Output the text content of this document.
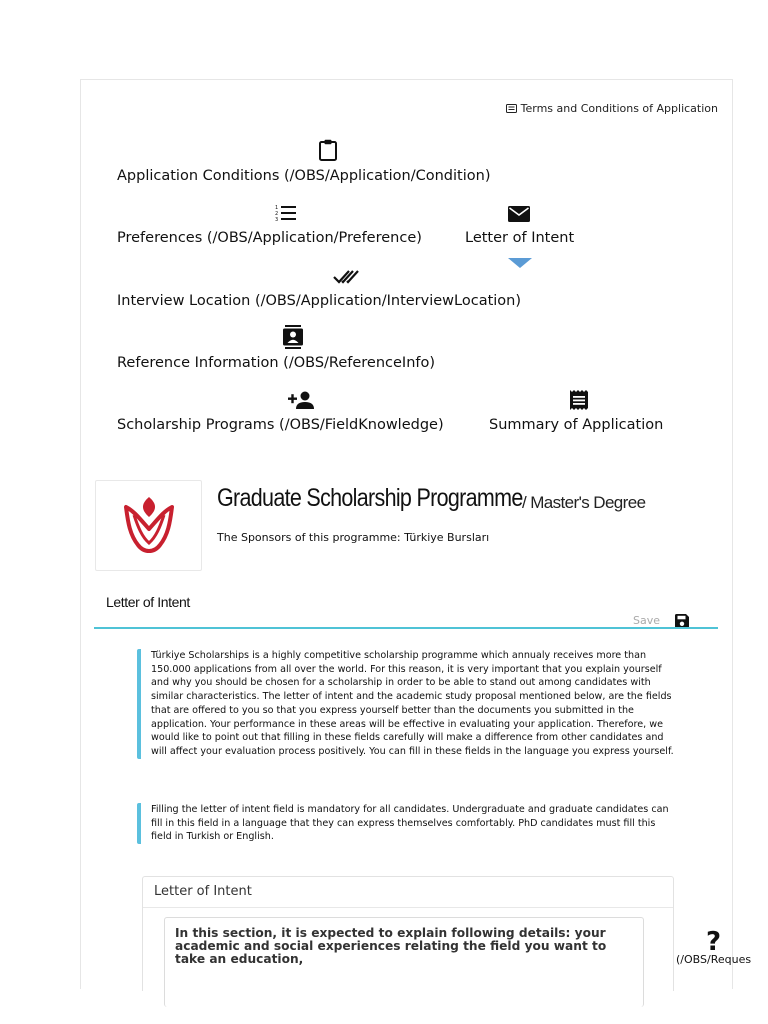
Terms and Conditions of Application
Application Conditions (/OBS/Application/Condition)
1
2
3
Preferences (/OBS/Application/Preference)	Letter of Intent
Interview Location (/OBS/Application/InterviewLocation)
Reference Information (/OBS/ReferenceInfo)
Scholarship Programs (/OBS/FieldKnowledge)	Summary of Application
Graduate Scholarship Programme / Master's Degree
The Sponsors of this programme: Türkiye Bursları
Letter of Intent
Save

Türkiye Scholarships is a highly competitive scholarship programme which annualy receives more than 150.000 applications from all over the world. For this reason, it is very important that you explain yourself and why you should be chosen for a scholarship in order to be able to stand out among candidates with similar characteristics. The letter of intent and the academic study proposal mentioned below, are the fields that are offered to you so that you express yourself better than the documents you submitted in the application. Your performance in these areas will be effective in evaluating your application. Therefore, we would like to point out that filling in these fields carefully will make a difference from other candidates and will affect your evaluation process positively. You can fill in these fields in the language you express yourself.

Filling the letter of intent field is mandatory for all candidates. Undergraduate and graduate candidates can fill in this field in a language that they can express themselves comfortably. PhD candidates must fill this field in Turkish or English.

Letter of Intent
In this section, it is expected to explain following details: your academic and social experiences relating the field you want to take an education,
?
(/OBS/Reques
